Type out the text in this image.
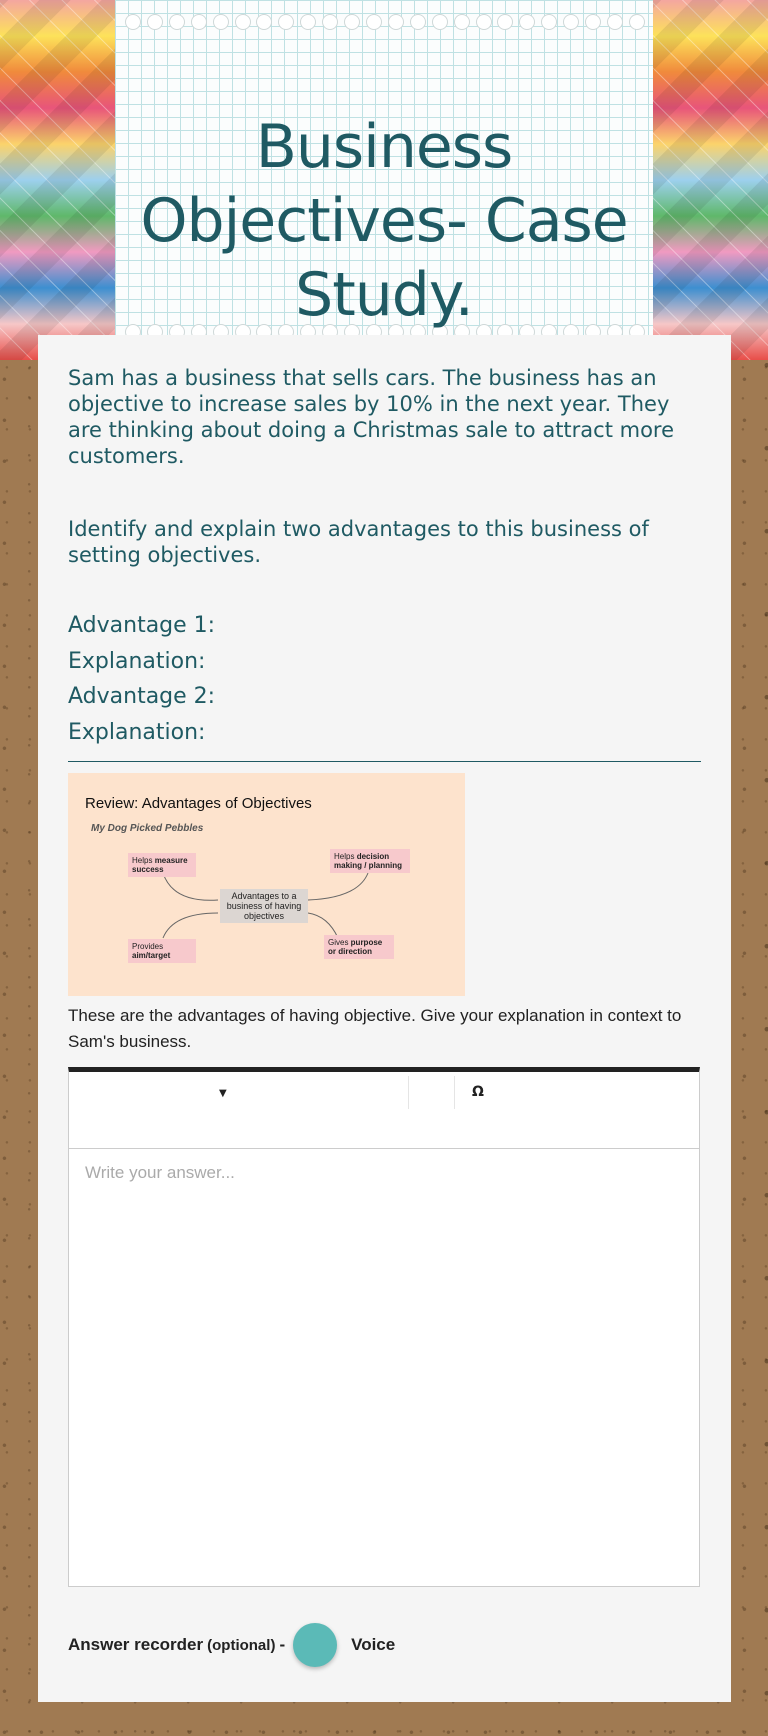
Business Objectives- Case Study.

Sam has a business that sells cars. The business has an objective to increase sales by 10% in the next year. They are thinking about doing a Christmas sale to attract more customers.

Identify and explain two advantages to this business of setting objectives.

Advantage 1:

Explanation:

Advantage 2:

Explanation:

Review: Advantages of Objectives
My Dog Picked Pebbles
Helps measure success
Helps decision making / planning
Advantages to a business of having objectives
Provides aim/target
Gives purpose or direction

These are the advantages of having objective. Give your explanation in context to Sam's business.

▼	Ω
Write your answer...
Answer recorder (optional) -	Voice
